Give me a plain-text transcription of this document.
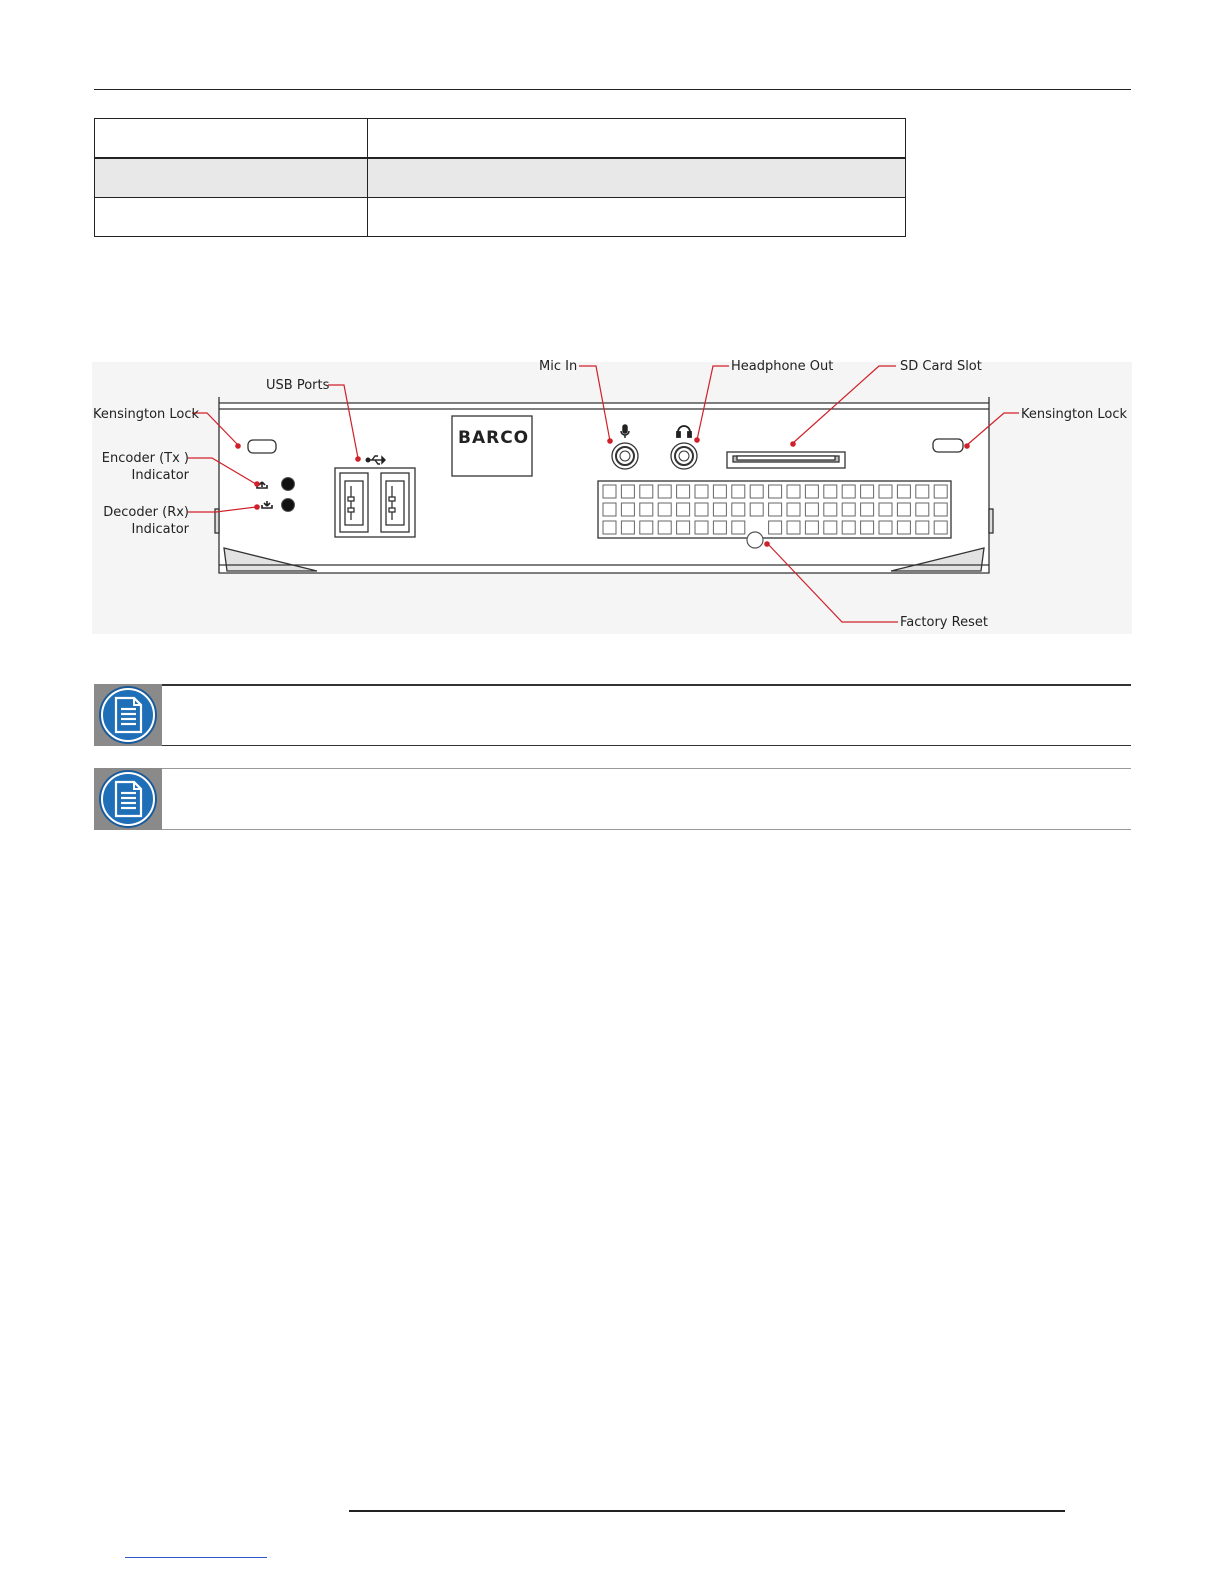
BARCO
Kensington Lock	Kensington Lock
USB Ports
Mic In	Headphone Out	SD Card Slot
Encoder (Tx )
Indicator
Decoder (Rx)
Indicator
Factory Reset
